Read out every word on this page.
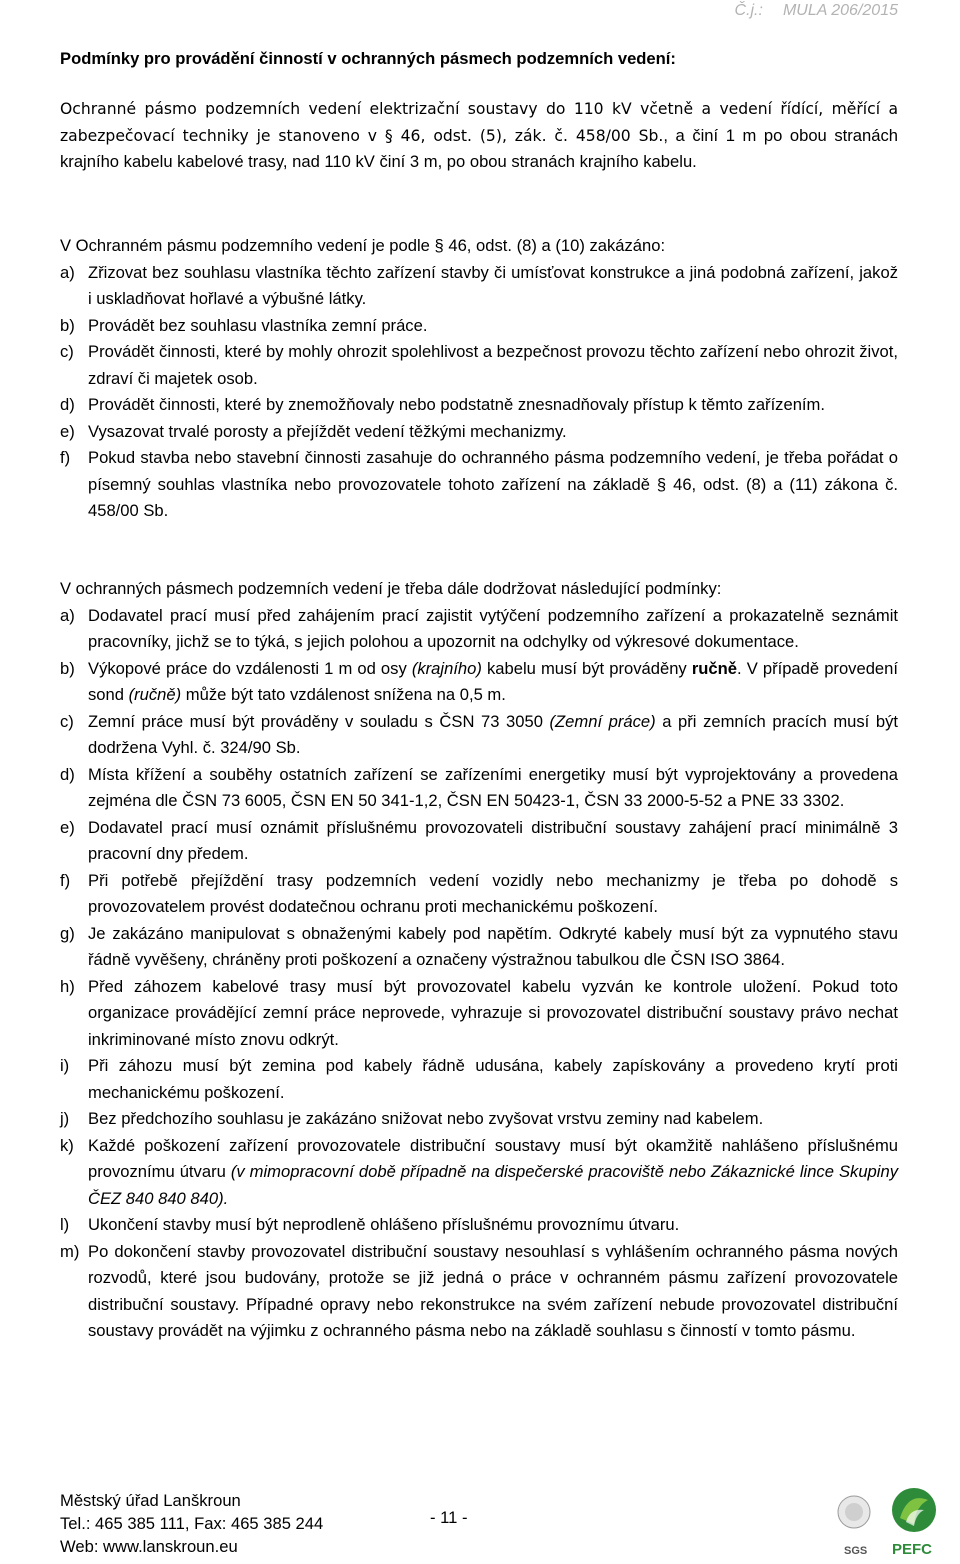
Č.j.: MULA 206/2015
Podmínky pro provádění činností v ochranných pásmech podzemních vedení:
Ochranné pásmo podzemních vedení elektrizační soustavy do 110 kV včetně a vedení řídící, měřící a zabezpečovací techniky je stanoveno v § 46, odst. (5), zák. č. 458/00 Sb., a činí 1 m po obou stranách krajního kabelu kabelové trasy, nad 110 kV činí 3 m, po obou stranách krajního kabelu.
V Ochranném pásmu podzemního vedení je podle § 46, odst. (8) a (10) zakázáno:
a) Zřizovat bez souhlasu vlastníka těchto zařízení stavby či umísťovat konstrukce a jiná podobná zařízení, jakož i uskladňovat hořlavé a výbušné látky.
b) Provádět bez souhlasu vlastníka zemní práce.
c) Provádět činnosti, které by mohly ohrozit spolehlivost a bezpečnost provozu těchto zařízení nebo ohrozit život, zdraví či majetek osob.
d) Provádět činnosti, které by znemožňovaly nebo podstatně znesnadňovaly přístup k těmto zařízením.
e) Vysazovat trvalé porosty a přejíždět vedení těžkými mechanizmy.
f) Pokud stavba nebo stavební činnosti zasahuje do ochranného pásma podzemního vedení, je třeba pořádat o písemný souhlas vlastníka nebo provozovatele tohoto zařízení na základě § 46, odst. (8) a (11) zákona č. 458/00 Sb.
V ochranných pásmech podzemních vedení je třeba dále dodržovat následující podmínky:
a) Dodavatel prací musí před zahájením prací zajistit vytýčení podzemního zařízení a prokazatelně seznámit pracovníky, jichž se to týká, s jejich polohou a upozornit na odchylky od výkresové dokumentace.
b) Výkopové práce do vzdálenosti 1 m od osy (krajního) kabelu musí být prováděny ručně. V případě provedení sond (ručně) může být tato vzdálenost snížena na 0,5 m.
c) Zemní práce musí být prováděny v souladu s ČSN 73 3050 (Zemní práce) a při zemních pracích musí být dodržena Vyhl. č. 324/90 Sb.
d) Místa křížení a souběhy ostatních zařízení se zařízeními energetiky musí být vyprojektovány a provedena zejména dle ČSN 73 6005, ČSN EN 50 341-1,2, ČSN EN 50423-1, ČSN 33 2000-5-52 a PNE 33 3302.
e) Dodavatel prací musí oznámit příslušnému provozovateli distribuční soustavy zahájení prací minimálně 3 pracovní dny předem.
f) Při potřebě přejíždění trasy podzemních vedení vozidly nebo mechanizmy je třeba po dohodě s provozovatelem provést dodatečnou ochranu proti mechanickému poškození.
g) Je zakázáno manipulovat s obnaženými kabely pod napětím. Odkryté kabely musí být za vypnutého stavu řádně vyvěšeny, chráněny proti poškození a označeny výstražnou tabulkou dle ČSN ISO 3864.
h) Před záhozem kabelové trasy musí být provozovatel kabelu vyzván ke kontrole uložení. Pokud toto organizace provádějící zemní práce neprovede, vyhrazuje si provozovatel distribuční soustavy právo nechat inkriminované místo znovu odkrýt.
i) Při záhozu musí být zemina pod kabely řádně udusána, kabely zapískovány a provedeno krytí proti mechanickému poškození.
j) Bez předchozího souhlasu je zakázáno snižovat nebo zvyšovat vrstvu zeminy nad kabelem.
k) Každé poškození zařízení provozovatele distribuční soustavy musí být okamžitě nahlášeno příslušnému provoznímu útvaru (v mimopracovní době případně na dispečerské pracoviště nebo Zákaznické lince Skupiny ČEZ 840 840 840).
l) Ukončení stavby musí být neprodleně ohlášeno příslušnému provoznímu útvaru.
m) Po dokončení stavby provozovatel distribuční soustavy nesouhlasí s vyhlášením ochranného pásma nových rozvodů, které jsou budovány, protože se již jedná o práce v ochranném pásmu zařízení provozovatele distribuční soustavy. Případné opravy nebo rekonstrukce na svém zařízení nebude provozovatel distribuční soustavy provádět na výjimku z ochranného pásma nebo na základě souhlasu s činností v tomto pásmu.
Městský úřad Lanškroun
Tel.: 465 385 111, Fax: 465 385 244
Web: www.lanskroun.eu
- 11 -
SGS PEFC
